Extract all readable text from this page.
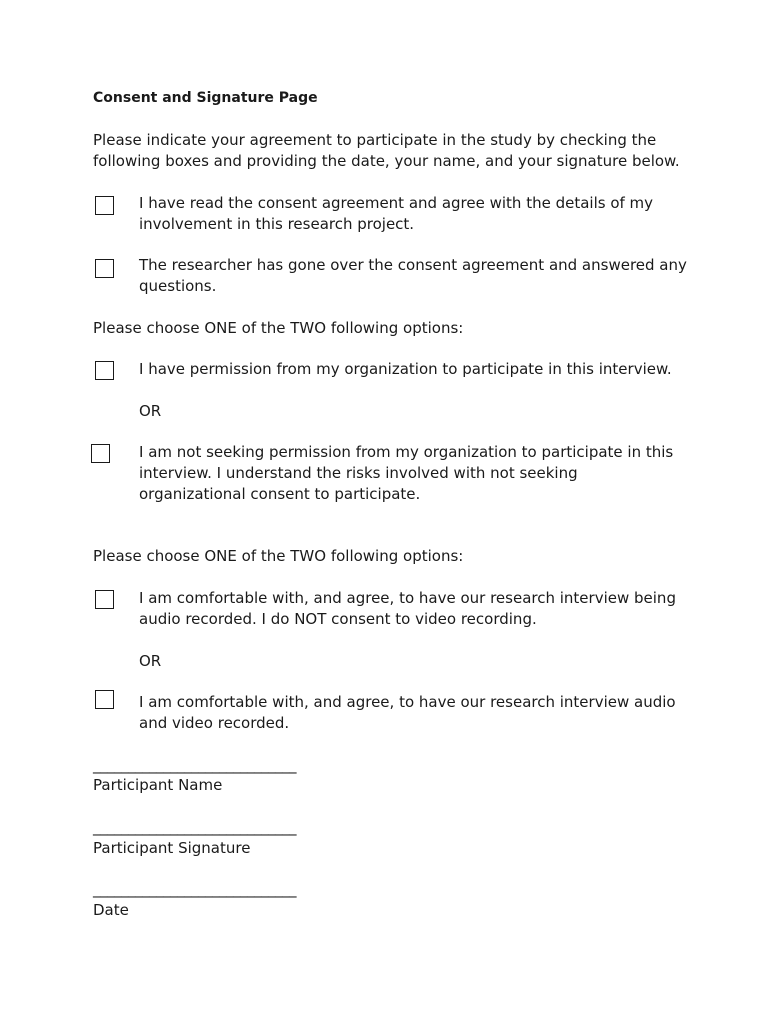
Consent and Signature Page

Please indicate your agreement to participate in the study by checking the

following boxes and providing the date, your name, and your signature below.

I have read the consent agreement and agree with the details of my

involvement in this research project.

The researcher has gone over the consent agreement and answered any

questions.

Please choose ONE of the TWO following options:

I have permission from my organization to participate in this interview.

OR

I am not seeking permission from my organization to participate in this

interview. I understand the risks involved with not seeking

organizational consent to participate.

Please choose ONE of the TWO following options:

I am comfortable with, and agree, to have our research interview being

audio recorded. I do NOT consent to video recording.

OR

I am comfortable with, and agree, to have our research interview audio

and video recorded.

_____________________________

Participant Name

_____________________________

Participant Signature

_____________________________

Date
